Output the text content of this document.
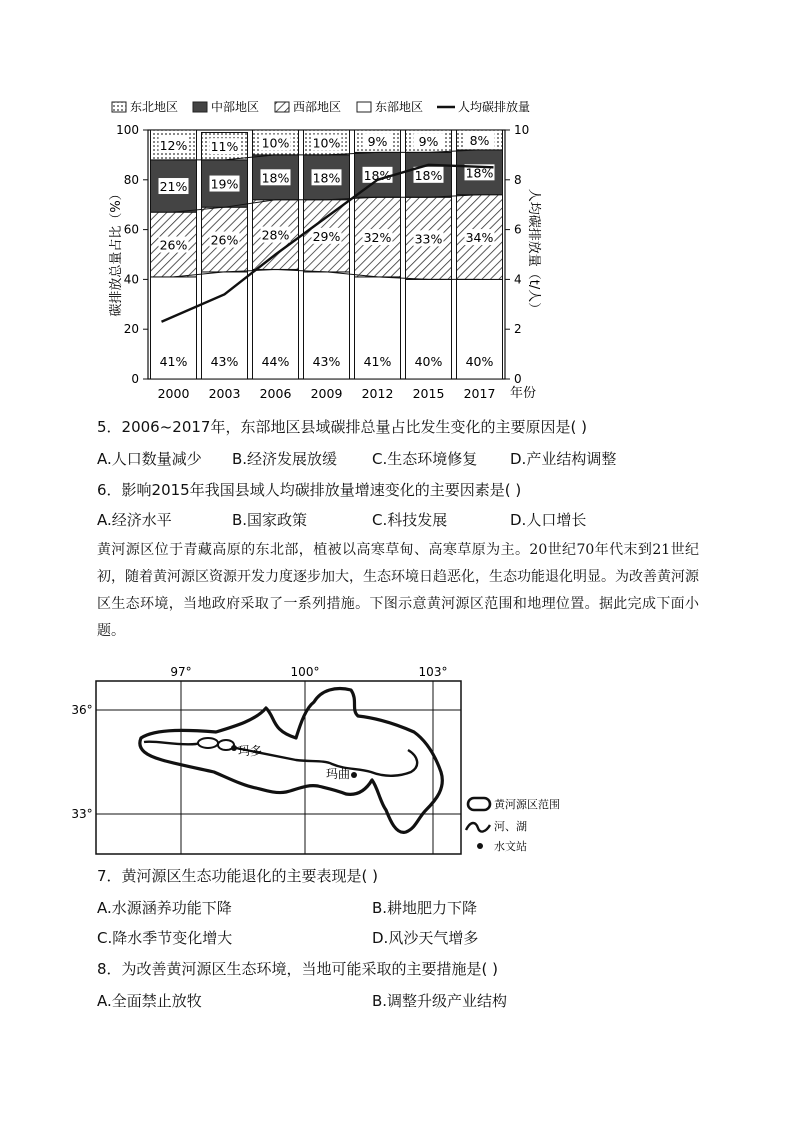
东北地区	中部地区	西部地区	东部地区	人均碳排放量
碳排放总量占比（%）	人均碳排放量（t/人）
年份
0
20
40
60
80
100
0
2
4
6
8
10
41%
26%
21%
12%
2000
43%
26%
19%
11%
2003
44%
28%
18%
10%
2006
43%
29%
18%
10%
2009
41%
32%
18%
9%
2012
40%
33%
18%
9%
2015
40%
34%
18%
8%
2017
5．2006~2017年，东部地区县域碳排总量占比发生变化的主要原因是( )
A.人口数量减少 B.经济发展放缓 C.生态环境修复 D.产业结构调整
6．影响2015年我国县域人均碳排放量增速变化的主要因素是( )
A.经济水平	B.国家政策	C.科技发展	D.人口增长
黄河源区位于青藏高原的东北部，植被以高寒草甸、高寒草原为主。20世纪70年代末到21世纪初，随着黄河源区资源开发力度逐步加大，生态环境日趋恶化，生态功能退化明显。为改善黄河源区生态环境，当地政府采取了一系列措施。下图示意黄河源区范围和地理位置。据此完成下面小题。
97°	100°	103°
36°
33°
玛多
玛曲
黄河源区范围
河、湖
水文站
7．黄河源区生态功能退化的主要表现是( )
A.水源涵养功能下降	B.耕地肥力下降
C.降水季节变化增大	D.风沙天气增多
8．为改善黄河源区生态环境，当地可能采取的主要措施是( )
A.全面禁止放牧	B.调整升级产业结构
